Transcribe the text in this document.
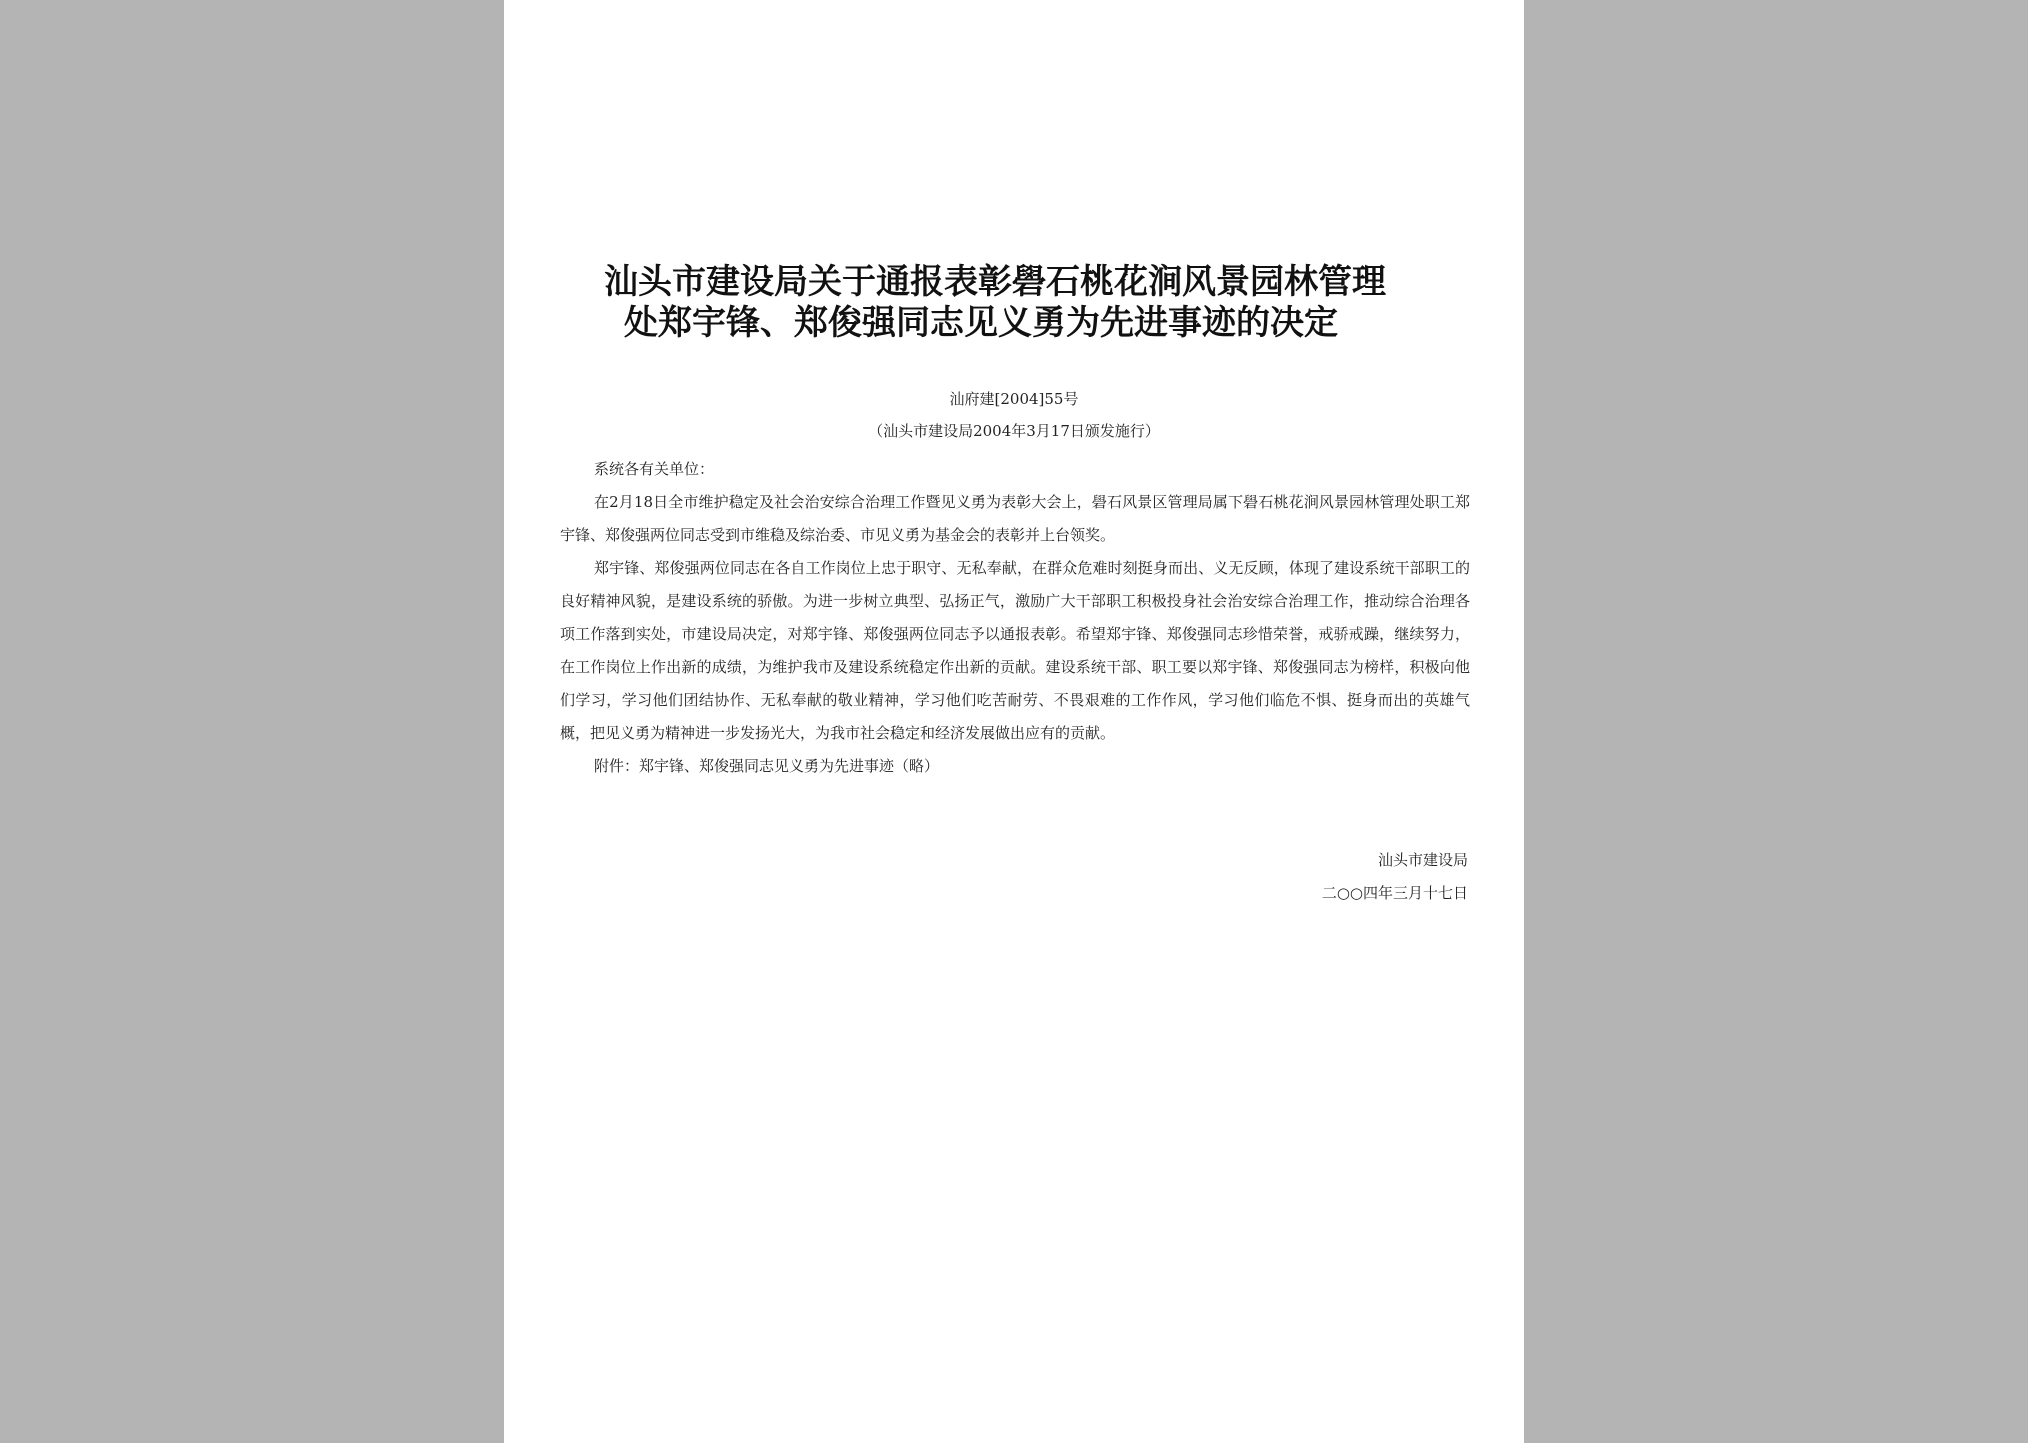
汕头市建设局关于通报表彰礐石桃花涧风景园林管理
处郑宇锋、郑俊强同志见义勇为先进事迹的决定
汕府建[2004]55号
（汕头市建设局2004年3月17日颁发施行）
系统各有关单位：

在2月18日全市维护稳定及社会治安综合治理工作暨见义勇为表彰大会上，礐石风景区管理局属下礐石桃花涧风景园林管理处职工郑宇锋、郑俊强两位同志受到市维稳及综治委、市见义勇为基金会的表彰并上台领奖。

郑宇锋、郑俊强两位同志在各自工作岗位上忠于职守、无私奉献，在群众危难时刻挺身而出、义无反顾，体现了建设系统干部职工的良好精神风貌，是建设系统的骄傲。为进一步树立典型、弘扬正气，激励广大干部职工积极投身社会治安综合治理工作，推动综合治理各项工作落到实处，市建设局决定，对郑宇锋、郑俊强两位同志予以通报表彰。希望郑宇锋、郑俊强同志珍惜荣誉，戒骄戒躁，继续努力，在工作岗位上作出新的成绩，为维护我市及建设系统稳定作出新的贡献。建设系统干部、职工要以郑宇锋、郑俊强同志为榜样，积极向他们学习，学习他们团结协作、无私奉献的敬业精神，学习他们吃苦耐劳、不畏艰难的工作作风，学习他们临危不惧、挺身而出的英雄气概，把见义勇为精神进一步发扬光大，为我市社会稳定和经济发展做出应有的贡献。

附件：郑宇锋、郑俊强同志见义勇为先进事迹（略）

汕头市建设局
二○○四年三月十七日
